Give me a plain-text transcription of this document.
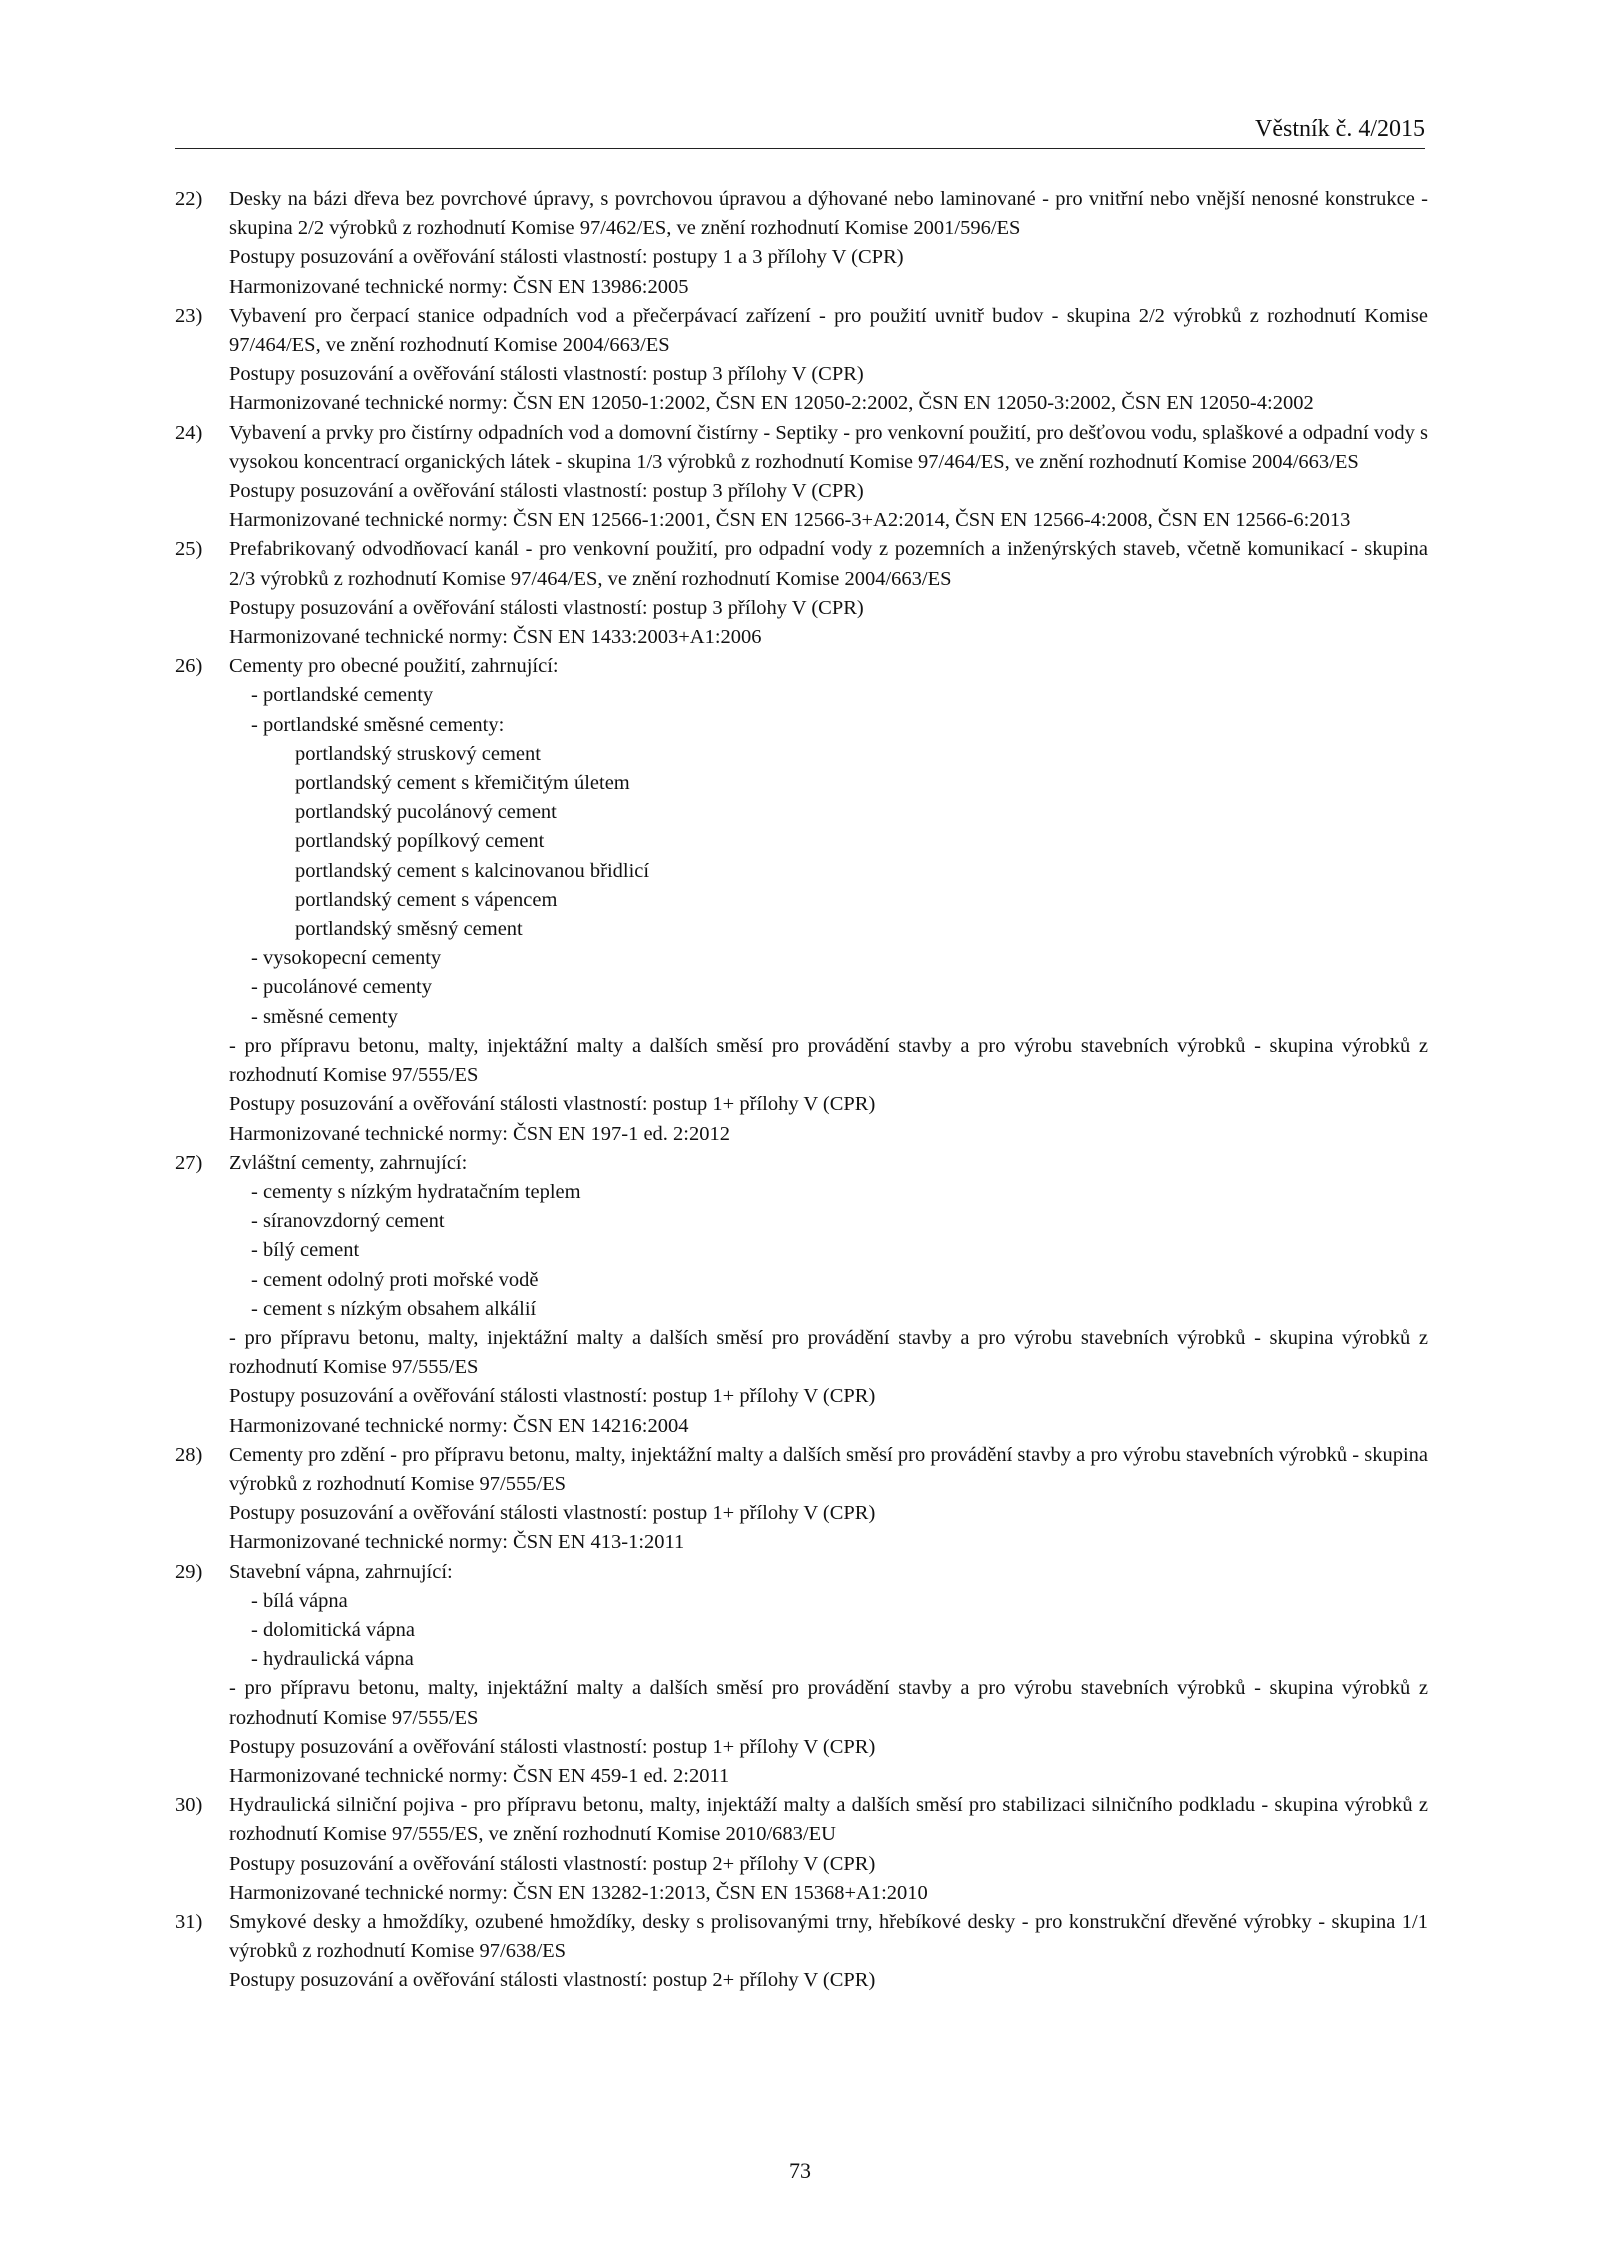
Věstník č. 4/2015
22)	Desky na bázi dřeva bez povrchové úpravy, s povrchovou úpravou a dýhované nebo laminované - pro vnitřní nebo vnější nenosné konstrukce - skupina 2/2 výrobků z rozhodnutí Komise 97/462/ES, ve znění rozhodnutí Komise 2001/596/ES

Postupy posuzování a ověřování stálosti vlastností: postupy 1 a 3 přílohy V (CPR)

Harmonizované technické normy: ČSN EN 13986:2005

23)	Vybavení pro čerpací stanice odpadních vod a přečerpávací zařízení - pro použití uvnitř budov - skupina 2/2 výrobků z rozhodnutí Komise 97/464/ES, ve znění rozhodnutí Komise 2004/663/ES

Postupy posuzování a ověřování stálosti vlastností: postup 3 přílohy V (CPR)

Harmonizované technické normy: ČSN EN 12050-1:2002, ČSN EN 12050-2:2002, ČSN EN 12050-3:2002, ČSN EN 12050-4:2002

24)	Vybavení a prvky pro čistírny odpadních vod a domovní čistírny - Septiky - pro venkovní použití, pro dešťovou vodu, splaškové a odpadní vody s vysokou koncentrací organických látek - skupina 1/3 výrobků z rozhodnutí Komise 97/464/ES, ve znění rozhodnutí Komise 2004/663/ES

Postupy posuzování a ověřování stálosti vlastností: postup 3 přílohy V (CPR)

Harmonizované technické normy: ČSN EN 12566-1:2001, ČSN EN 12566-3+A2:2014, ČSN EN 12566-4:2008, ČSN EN 12566-6:2013

25)	Prefabrikovaný odvodňovací kanál - pro venkovní použití, pro odpadní vody z pozemních a inženýrských staveb, včetně komunikací - skupina 2/3 výrobků z rozhodnutí Komise 97/464/ES, ve znění rozhodnutí Komise 2004/663/ES

Postupy posuzování a ověřování stálosti vlastností: postup 3 přílohy V (CPR)

Harmonizované technické normy: ČSN EN 1433:2003+A1:2006

26)	Cementy pro obecné použití, zahrnující:

- portlandské cementy

- portlandské směsné cementy:

portlandský struskový cement

portlandský cement s křemičitým úletem

portlandský pucolánový cement

portlandský popílkový cement

portlandský cement s kalcinovanou břidlicí

portlandský cement s vápencem

portlandský směsný cement

- vysokopecní cementy

- pucolánové cementy

- směsné cementy

- pro přípravu betonu, malty, injektážní malty a dalších směsí pro provádění stavby a pro výrobu stavebních výrobků - skupina výrobků z rozhodnutí Komise 97/555/ES

Postupy posuzování a ověřování stálosti vlastností: postup 1+ přílohy V (CPR)

Harmonizované technické normy: ČSN EN 197-1 ed. 2:2012

27)	Zvláštní cementy, zahrnující:

- cementy s nízkým hydratačním teplem

- síranovzdorný cement

- bílý cement

- cement odolný proti mořské vodě

- cement s nízkým obsahem alkálií

- pro přípravu betonu, malty, injektážní malty a dalších směsí pro provádění stavby a pro výrobu stavebních výrobků - skupina výrobků z rozhodnutí Komise 97/555/ES

Postupy posuzování a ověřování stálosti vlastností: postup 1+ přílohy V (CPR)

Harmonizované technické normy: ČSN EN 14216:2004

28)	Cementy pro zdění - pro přípravu betonu, malty, injektážní malty a dalších směsí pro provádění stavby a pro výrobu stavebních výrobků - skupina výrobků z rozhodnutí Komise 97/555/ES

Postupy posuzování a ověřování stálosti vlastností: postup 1+ přílohy V (CPR)

Harmonizované technické normy: ČSN EN 413-1:2011

29)	Stavební vápna, zahrnující:

- bílá vápna

- dolomitická vápna

- hydraulická vápna

- pro přípravu betonu, malty, injektážní malty a dalších směsí pro provádění stavby a pro výrobu stavebních výrobků - skupina výrobků z rozhodnutí Komise 97/555/ES

Postupy posuzování a ověřování stálosti vlastností: postup 1+ přílohy V (CPR)

Harmonizované technické normy: ČSN EN 459-1 ed. 2:2011

30)	Hydraulická silniční pojiva - pro přípravu betonu, malty, injektáží malty a dalších směsí pro stabilizaci silničního podkladu - skupina výrobků z rozhodnutí Komise 97/555/ES, ve znění rozhodnutí Komise 2010/683/EU

Postupy posuzování a ověřování stálosti vlastností: postup 2+ přílohy V (CPR)

Harmonizované technické normy: ČSN EN 13282-1:2013, ČSN EN 15368+A1:2010

31)	Smykové desky a hmoždíky, ozubené hmoždíky, desky s prolisovanými trny, hřebíkové desky - pro konstrukční dřevěné výrobky - skupina 1/1 výrobků z rozhodnutí Komise 97/638/ES

Postupy posuzování a ověřování stálosti vlastností: postup 2+ přílohy V (CPR)

73
